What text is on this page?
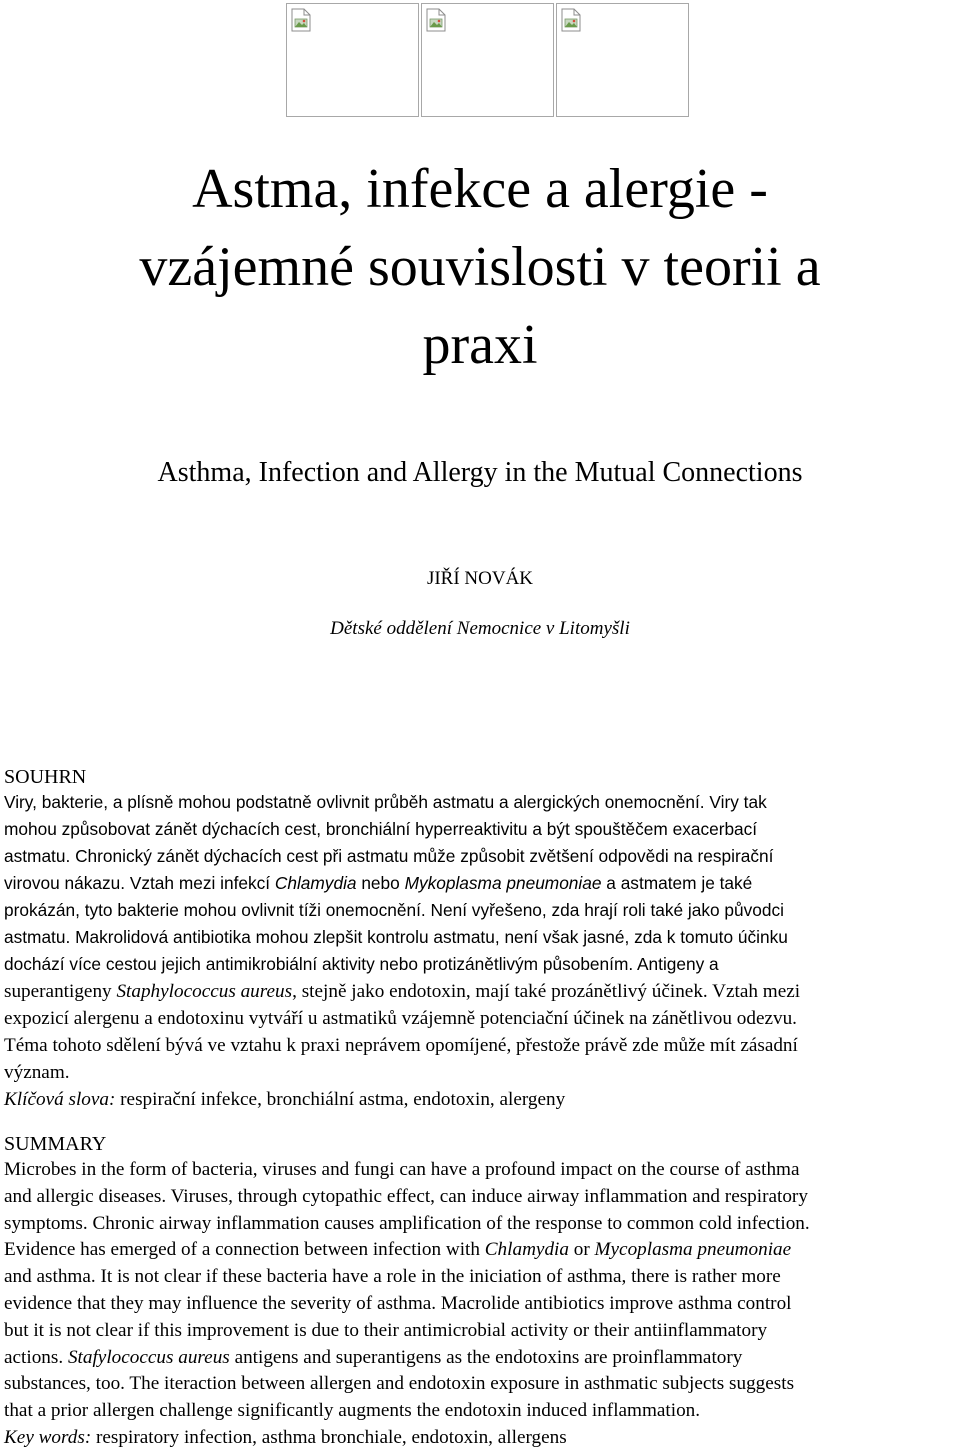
Astma, infekce a alergie -
vzájemné souvislosti v teorii a
praxi
Asthma, Infection and Allergy in the Mutual Connections
JIŘÍ NOVÁK
Dětské oddělení Nemocnice v Litomyšli
SOUHRN
Viry, bakterie, a plísně mohou podstatně ovlivnit průběh astmatu a alergických onemocnění. Viry tak
mohou způsobovat zánět dýchacích cest, bronchiální hyperreaktivitu a být spouštěčem exacerbací
astmatu. Chronický zánět dýchacích cest při astmatu může způsobit zvětšení odpovědi na respirační
virovou nákazu. Vztah mezi infekcí Chlamydia nebo Mykoplasma pneumoniae a astmatem je také
prokázán, tyto bakterie mohou ovlivnit tíži onemocnění. Není vyřešeno, zda hrají roli také jako původci
astmatu. Makrolidová antibiotika mohou zlepšit kontrolu astmatu, není však jasné, zda k tomuto účinku
dochází více cestou jejich antimikrobiální aktivity nebo protizánětlivým působením. Antigeny a
superantigeny Staphylococcus aureus, stejně jako endotoxin, mají také prozánětlivý účinek. Vztah mezi
expozicí alergenu a endotoxinu vytváří u astmatiků vzájemně potenciační účinek na zánětlivou odezvu.
Téma tohoto sdělení bývá ve vztahu k praxi neprávem opomíjené, přestože právě zde může mít zásadní
význam.
Klíčová slova: respirační infekce, bronchiální astma, endotoxin, alergeny
SUMMARY
Microbes in the form of bacteria, viruses and fungi can have a profound impact on the course of asthma
and allergic diseases. Viruses, through cytopathic effect, can induce airway inflammation and respiratory
symptoms. Chronic airway inflammation causes amplification of the response to common cold infection.
Evidence has emerged of a connection between infection with Chlamydia or Mycoplasma pneumoniae
and asthma. It is not clear if these bacteria have a role in the iniciation of asthma, there is rather more
evidence that they may influence the severity of asthma. Macrolide antibiotics improve asthma control
but it is not clear if this improvement is due to their antimicrobial activity or their antiinflammatory
actions. Stafylococcus aureus antigens and superantigens as the endotoxins are proinflammatory
substances, too. The iteraction between allergen and endotoxin exposure in asthmatic subjects suggests
that a prior allergen challenge significantly augments the endotoxin induced inflammation.
Key words: respiratory infection, asthma bronchiale, endotoxin, allergens
